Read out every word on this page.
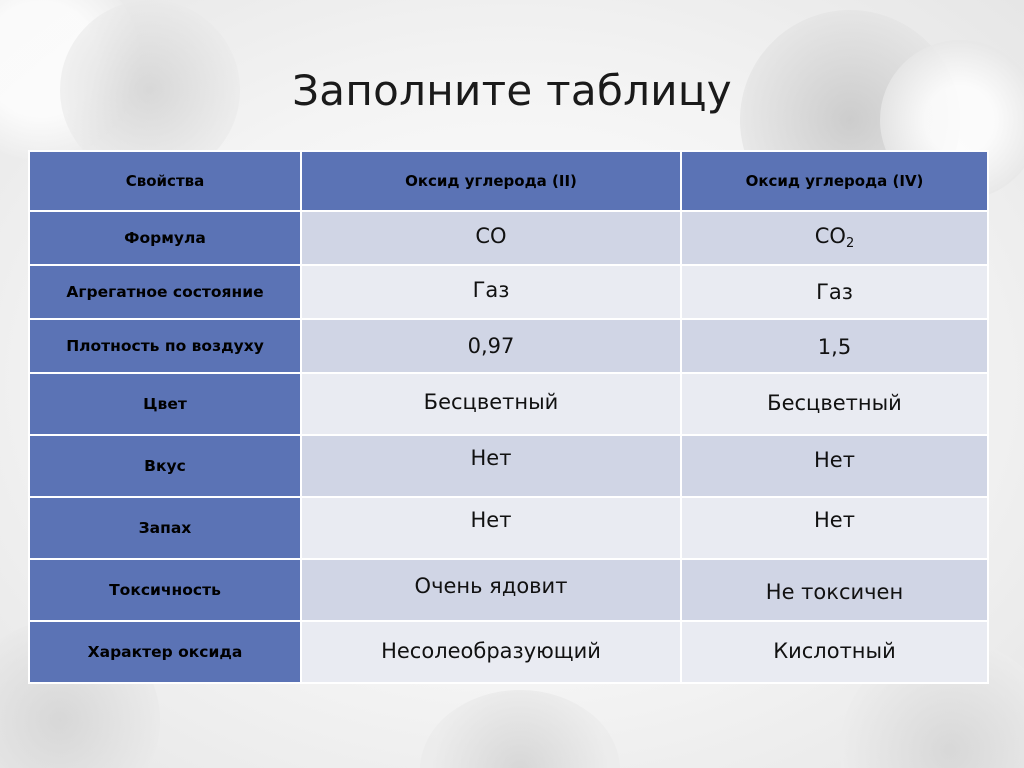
Заполните таблицу
Свойства	Оксид углерода (II)	Оксид углерода (IV)
Формула	CO	$CO_2$
Агрегатное состояние	Газ	Газ
Плотность по воздуху	0,97	1,5
Цвет	Бесцветный	Бесцветный
Вкус	Нет	Нет
Запах	Нет	Нет
Токсичность	Очень ядовит	Не токсичен
Характер оксида	Несолеобразующий	Кислотный
